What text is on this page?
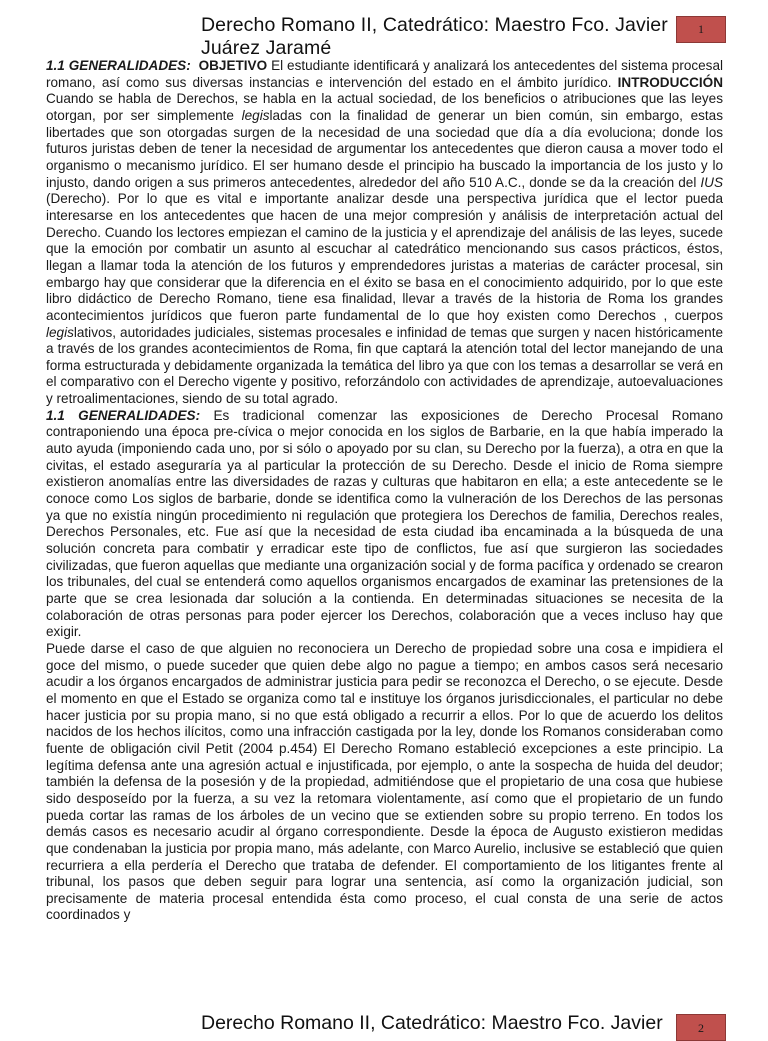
Derecho Romano II, Catedrático: Maestro Fco. Javier Juárez Jaramé
1

1.1 GENERALIDADES: OBJETIVO El estudiante identificará y analizará los antecedentes del sistema procesal romano, así como sus diversas instancias e intervención del estado en el ámbito jurídico. INTRODUCCIÓN Cuando se habla de Derechos, se habla en la actual sociedad, de los beneficios o atribuciones que las leyes otorgan, por ser simplemente legisladas con la finalidad de generar un bien común, sin embargo, estas libertades que son otorgadas surgen de la necesidad de una sociedad que día a día evoluciona; donde los futuros juristas deben de tener la necesidad de argumentar los antecedentes que dieron causa a mover todo el organismo o mecanismo jurídico. El ser humano desde el principio ha buscado la importancia de los justo y lo injusto, dando origen a sus primeros antecedentes, alrededor del año 510 A.C., donde se da la creación del IUS (Derecho). Por lo que es vital e importante analizar desde una perspectiva jurídica que el lector pueda interesarse en los antecedentes que hacen de una mejor compresión y análisis de interpretación actual del Derecho. Cuando los lectores empiezan el camino de la justicia y el aprendizaje del análisis de las leyes, sucede que la emoción por combatir un asunto al escuchar al catedrático mencionando sus casos prácticos, éstos, llegan a llamar toda la atención de los futuros y emprendedores juristas a materias de carácter procesal, sin embargo hay que considerar que la diferencia en el éxito se basa en el conocimiento adquirido, por lo que este libro didáctico de Derecho Romano, tiene esa finalidad, llevar a través de la historia de Roma los grandes acontecimientos jurídicos que fueron parte fundamental de lo que hoy existen como Derechos , cuerpos legislativos, autoridades judiciales, sistemas procesales e infinidad de temas que surgen y nacen históricamente a través de los grandes acontecimientos de Roma, fin que captará la atención total del lector manejando de una forma estructurada y debidamente organizada la temática del libro ya que con los temas a desarrollar se verá en el comparativo con el Derecho vigente y positivo, reforzándolo con actividades de aprendizaje, autoevaluaciones y retroalimentaciones, siendo de su total agrado.

1.1 GENERALIDADES: Es tradicional comenzar las exposiciones de Derecho Procesal Romano contraponiendo una época pre-cívica o mejor conocida en los siglos de Barbarie, en la que había imperado la auto ayuda (imponiendo cada uno, por si sólo o apoyado por su clan, su Derecho por la fuerza), a otra en que la civitas, el estado aseguraría ya al particular la protección de su Derecho. Desde el inicio de Roma siempre existieron anomalías entre las diversidades de razas y culturas que habitaron en ella; a este antecedente se le conoce como Los siglos de barbarie, donde se identifica como la vulneración de los Derechos de las personas ya que no existía ningún procedimiento ni regulación que protegiera los Derechos de familia, Derechos reales, Derechos Personales, etc. Fue así que la necesidad de esta ciudad iba encaminada a la búsqueda de una solución concreta para combatir y erradicar este tipo de conflictos, fue así que surgieron las sociedades civilizadas, que fueron aquellas que mediante una organización social y de forma pacífica y ordenado se crearon los tribunales, del cual se entenderá como aquellos organismos encargados de examinar las pretensiones de la parte que se crea lesionada dar solución a la contienda. En determinadas situaciones se necesita de la colaboración de otras personas para poder ejercer los Derechos, colaboración que a veces incluso hay que exigir.

Puede darse el caso de que alguien no reconociera un Derecho de propiedad sobre una cosa e impidiera el goce del mismo, o puede suceder que quien debe algo no pague a tiempo; en ambos casos será necesario acudir a los órganos encargados de administrar justicia para pedir se reconozca el Derecho, o se ejecute. Desde el momento en que el Estado se organiza como tal e instituye los órganos jurisdiccionales, el particular no debe hacer justicia por su propia mano, si no que está obligado a recurrir a ellos. Por lo que de acuerdo los delitos nacidos de los hechos ilícitos, como una infracción castigada por la ley, donde los Romanos consideraban como fuente de obligación civil Petit (2004 p.454) El Derecho Romano estableció excepciones a este principio. La legítima defensa ante una agresión actual e injustificada, por ejemplo, o ante la sospecha de huida del deudor; también la defensa de la posesión y de la propiedad, admitiéndose que el propietario de una cosa que hubiese sido desposeído por la fuerza, a su vez la retomara violentamente, así como que el propietario de un fundo pueda cortar las ramas de los árboles de un vecino que se extienden sobre su propio terreno. En todos los demás casos es necesario acudir al órgano correspondiente. Desde la época de Augusto existieron medidas que condenaban la justicia por propia mano, más adelante, con Marco Aurelio, inclusive se estableció que quien recurriera a ella perdería el Derecho que trataba de defender. El comportamiento de los litigantes frente al tribunal, los pasos que deben seguir para lograr una sentencia, así como la organización judicial, son precisamente de materia procesal entendida ésta como proceso, el cual consta de una serie de actos coordinados y

Derecho Romano II, Catedrático: Maestro Fco. Javier	2
